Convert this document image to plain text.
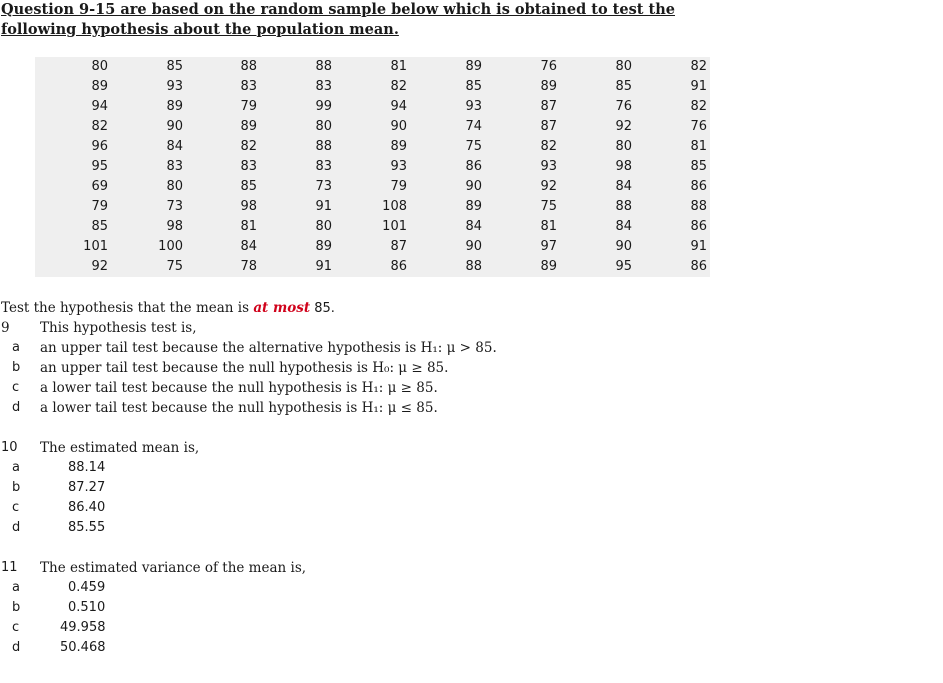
Question 9-15 are based on the random sample below which is obtained to test the
following hypothesis about the population mean.
80	85	88	88	81	89	76	80	82
89	93	83	83	82	85	89	85	91
94	89	79	99	94	93	87	76	82
82	90	89	80	90	74	87	92	76
96	84	82	88	89	75	82	80	81
95	83	83	83	93	86	93	98	85
69	80	85	73	79	90	92	84	86
79	73	98	91	108	89	75	88	88
85	98	81	80	101	84	81	84	86
101	100	84	89	87	90	97	90	91
92	75	78	91	86	88	89	95	86
Test the hypothesis that the mean is at most 85.
9 This hypothesis test is,
a an upper tail test because the alternative hypothesis is H₁: μ > 85.
b an upper tail test because the null hypothesis is H₀: μ ≥ 85.
c a lower tail test because the null hypothesis is H₁: μ ≥ 85.
d a lower tail test because the null hypothesis is H₁: μ ≤ 85.
10 The estimated mean is,
a	88.14
b	87.27
c	86.40
d	85.55
11 The estimated variance of the mean is,
a	0.459
b	0.510
c	49.958
d	50.468
